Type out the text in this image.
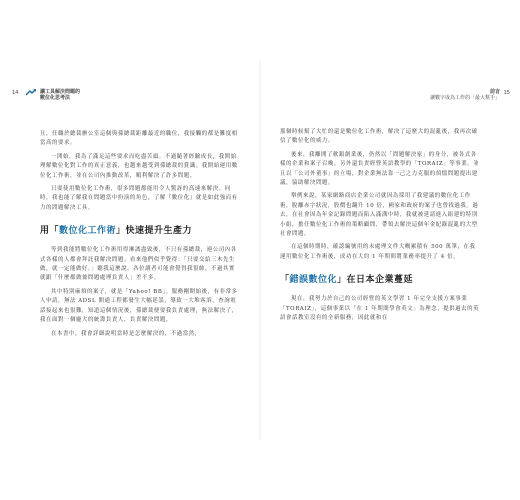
14	讓工具解決問題的
數位化思考法

且，任職於總裁辦公室這個與孫總裁距離最近的職位，我接觸的都是難度相當高的要求。

一開始，我為了滿足這些要求而吃盡苦頭。不過隨著經驗成長，我開始理解數位化對工作的真正意義，也越來越受到孫總裁的賞識。我開始運用數位化工作術，並在公司內推動改革，順利解決了許多問題。

只要使用數位化工作術，很多問題都能用令人驚訝的高速來解決。同時，我也能了解我在問題當中扮演的角色，了解『數位化』就是如此強而有力的問題解決工具。

用「數位化工作術」快速提升生產力

等到我能將數位化工作術用得淋漓盡致後，不只有孫總裁，連公司內各式各樣的人都會拜託我解決問題。看來他們似乎覺得：「只要交給三木先生做，就一定能做好。」聽我這麼說，各位讀者可能會覺得我很帥，不過其實就跟「什麼都做兼問題處理負責人」差不多。

其中特別麻煩的案子，就是「Yahoo! BB」。服務剛開始後，有非常多人申請，無法 ADSL 開通工程都發生大幅延誤，導致一大堆客訴，查詢電話接起來也很難，知道這個情況後，孫總裁便要我負責處理，無法解決了，我在面對一個龐大的統籌負責人，負責解決問題。

在本書中，我會詳細說明當時是怎麼解決的，不過當然，

前言
讓數字成為工作的「最大幫手」
15

那個時候幫了大忙的還是數位化工作術，解決了這麼大的混亂後，我再次確信了數位化的威力。

後來，我離開了軟銀創業後，仍然以「問題解決家」的身分，被各式各樣的企業和案子召喚。另外還負責經營英語教學的「TORAIZ」等事業。並且以「公司外董事」的立場，對企業無法靠一己之力克服的煩惱問題提出建議，協助解決問題。

舉例來說，某家網路商店企業公司就因為採用了我建議的數位化工作術，脫離赤字狀況，股價也翻升 10 倍，國家和政府的案子也曾找過我。過去，在社會因為年金記錄問題而陷入滿溝中時，我就被延請進入組建的特別小組，擔任數位化工作術的策略顧問，帶領去解決這個年金紀錄混亂的大型社會問題。

在這個時期時，確認編號用的未處理文件大概累積有 500 萬筆，在我運用數位化工作術後，成功在大約 1 年期間將業務率提升了 4 倍。

「錯誤數位化」在日本企業蔓延

現在，我努力於自己的公司經營的英文學習 1 年完全支援方案事業「TORAIZ」，這個事業以「在 1 年期間學會英文」為理念，提供過去的英語會話教室沒有的全新服務，因此就和在
